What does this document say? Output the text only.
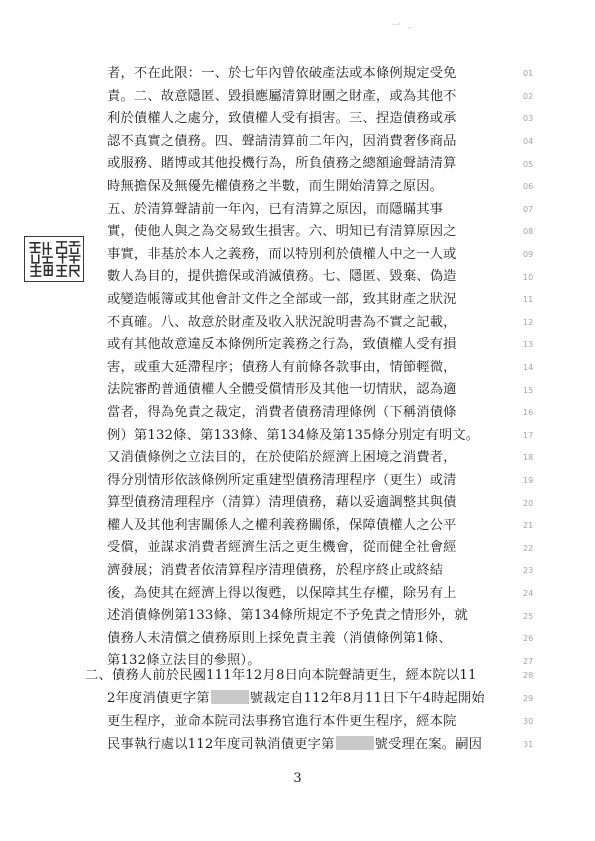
一 .
者，不在此限：一、於七年內曾依破產法或本條例規定受免
責。二、故意隱匿、毀損應屬清算財團之財產，或為其他不
利於債權人之處分，致債權人受有損害。三、捏造債務或承
認不真實之債務。四、聲請清算前二年內，因消費奢侈商品
或服務、賭博或其他投機行為，所負債務之總額逾聲請清算
時無擔保及無優先權債務之半數，而生開始清算之原因。
五、於清算聲請前一年內，已有清算之原因，而隱瞞其事
實，使他人與之為交易致生損害。六、明知已有清算原因之
事實，非基於本人之義務，而以特別利於債權人中之一人或
數人為目的，提供擔保或消滅債務。七、隱匿、毀棄、偽造
或變造帳簿或其他會計文件之全部或一部，致其財產之狀況
不真確。八、故意於財產及收入狀況說明書為不實之記載，
或有其他故意違反本條例所定義務之行為，致債權人受有損
害，或重大延滯程序；債務人有前條各款事由，情節輕微，
法院審酌普通債權人全體受償情形及其他一切情狀，認為適
當者，得為免責之裁定，消費者債務清理條例（下稱消債條
例）第132條、第133條、第134條及第135條分別定有明文。
又消債條例之立法目的，在於使陷於經濟上困境之消費者，
得分別情形依該條例所定重建型債務清理程序（更生）或清
算型債務清理程序（清算）清理債務，藉以妥適調整其與債
權人及其他利害關係人之權利義務關係，保障債權人之公平
受償，並謀求消費者經濟生活之更生機會，從而健全社會經
濟發展；消費者依清算程序清理債務，於程序終止或終結
後，為使其在經濟上得以復甦，以保障其生存權，除另有上
述消債條例第133條、第134條所規定不予免責之情形外，就
債務人未清償之債務原則上採免責主義（消債條例第1條、
第132條立法目的參照）。
二、債務人前於民國111年12月8日向本院聲請更生，經本院以11
2年度消債更字第	號裁定自112年8月11日下午4時起開始
更生程序，並命本院司法事務官進行本件更生程序，經本院
民事執行處以112年度司執消債更字第	號受理在案。嗣因
01
02
03
04
05
06
07
08
09
10
11
12
13
14
15
16
17
18
19
20
21
22
23
24
25
26
27
28
29
30
31
3
